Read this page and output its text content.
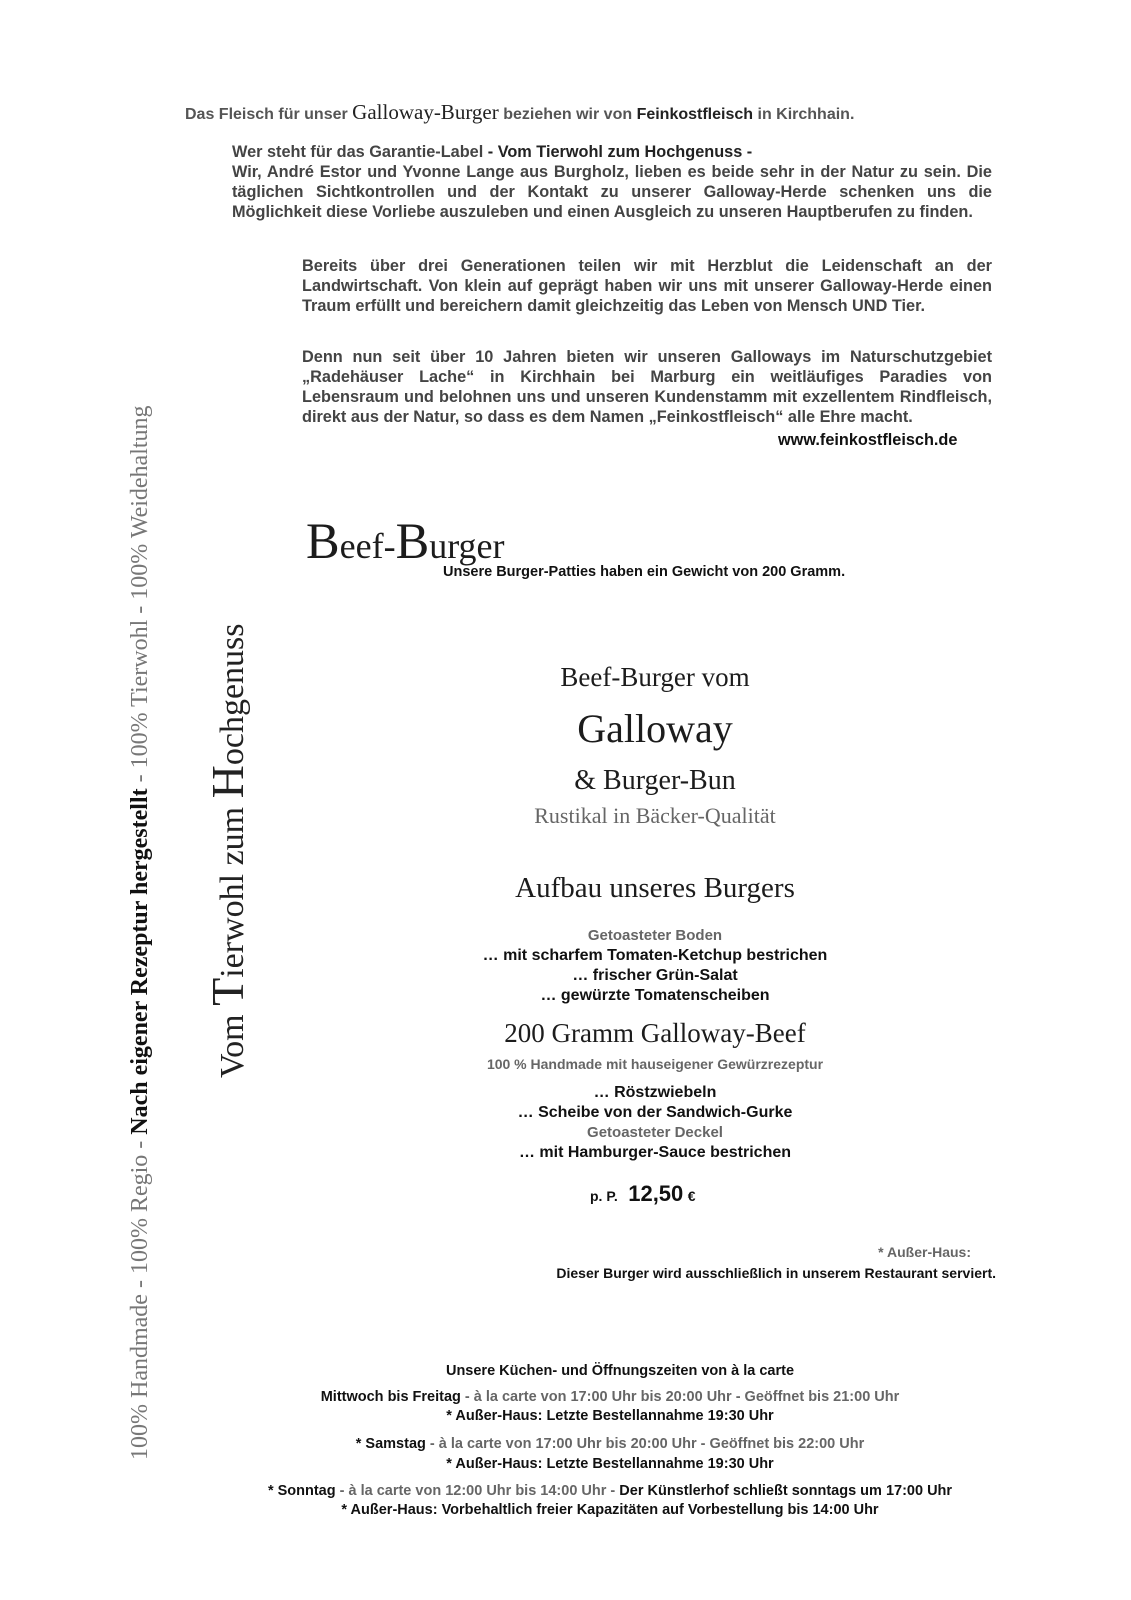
100% Handmade - 100% Regio - Nach eigener Rezeptur hergestellt - 100% Tierwohl - 100% Weidehaltung
Vom Tierwohl zum Hochgenuss
Das Fleisch für unser Galloway-Burger beziehen wir von Feinkostfleisch in Kirchhain.
Wer steht für das Garantie-Label - Vom Tierwohl zum Hochgenuss -
Wir, André Estor und Yvonne Lange aus Burgholz, lieben es beide sehr in der Natur zu sein. Die täglichen Sichtkontrollen und der Kontakt zu unserer Galloway-Herde schenken uns die Möglichkeit diese Vorliebe auszuleben und einen Ausgleich zu unseren Hauptberufen zu finden.
Bereits über drei Generationen teilen wir mit Herzblut die Leidenschaft an der Landwirtschaft. Von klein auf geprägt haben wir uns mit unserer Galloway-Herde einen Traum erfüllt und bereichern damit gleichzeitig das Leben von Mensch UND Tier.
Denn nun seit über 10 Jahren bieten wir unseren Galloways im Naturschutzgebiet „Radehäuser Lache“ in Kirchhain bei Marburg ein weitläufiges Paradies von Lebensraum und belohnen uns und unseren Kundenstamm mit exzellentem Rindfleisch, direkt aus der Natur, so dass es dem Namen „Feinkostfleisch“ alle Ehre macht.
www.feinkostfleisch.de
Beef-Burger
Unsere Burger-Patties haben ein Gewicht von 200 Gramm.
Beef-Burger vom
Galloway
& Burger-Bun
Rustikal in Bäcker-Qualität
Aufbau unseres Burgers
Getoasteter Boden
… mit scharfem Tomaten-Ketchup bestrichen
… frischer Grün-Salat
… gewürzte Tomatenscheiben
200 Gramm Galloway-Beef
100 % Handmade mit hauseigener Gewürzrezeptur
… Röstzwiebeln
… Scheibe von der Sandwich-Gurke
Getoasteter Deckel
… mit Hamburger-Sauce bestrichen
p. P. 12,50 €
* Außer-Haus:
Dieser Burger wird ausschließlich in unserem Restaurant serviert.
Unsere Küchen- und Öffnungszeiten von à la carte
Mittwoch bis Freitag - à la carte von 17:00 Uhr bis 20:00 Uhr - Geöffnet bis 21:00 Uhr
* Außer-Haus: Letzte Bestellannahme 19:30 Uhr
* Samstag - à la carte von 17:00 Uhr bis 20:00 Uhr - Geöffnet bis 22:00 Uhr
* Außer-Haus: Letzte Bestellannahme 19:30 Uhr
* Sonntag - à la carte von 12:00 Uhr bis 14:00 Uhr - Der Künstlerhof schließt sonntags um 17:00 Uhr
* Außer-Haus: Vorbehaltlich freier Kapazitäten auf Vorbestellung bis 14:00 Uhr
